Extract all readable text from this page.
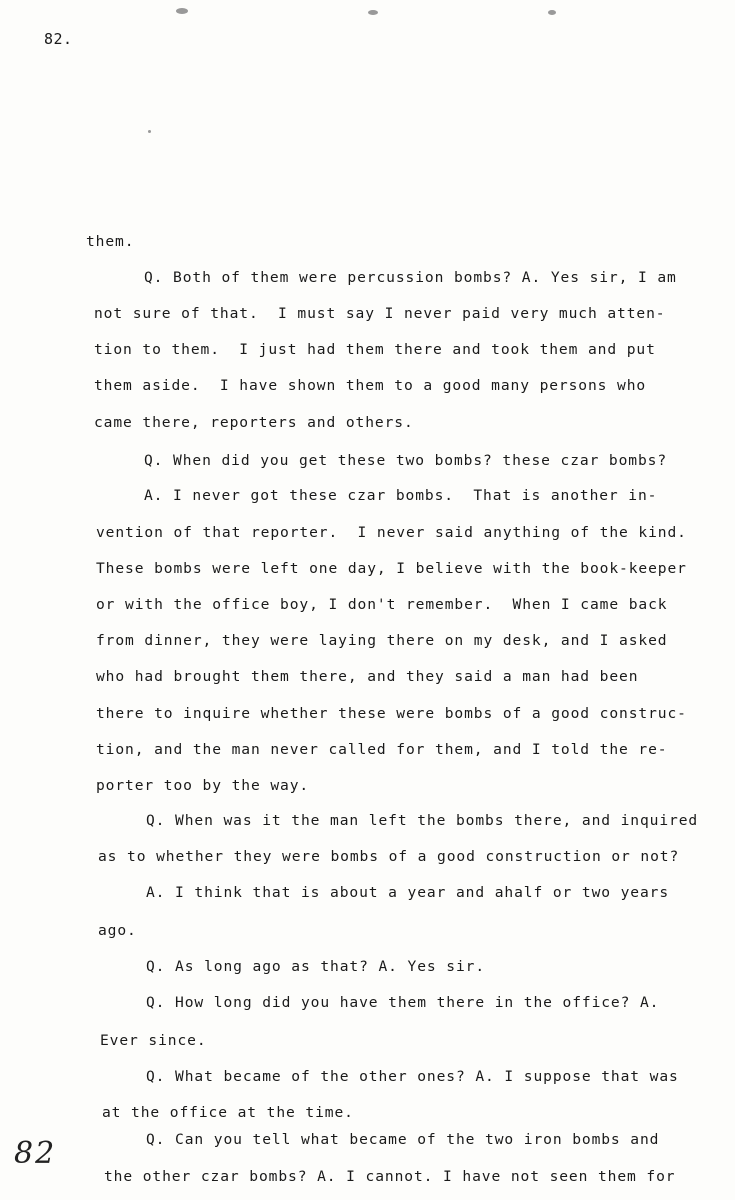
82.
them.
Q. Both of them were percussion bombs? A. Yes sir, I am
not sure of that.  I must say I never paid very much atten-
tion to them.  I just had them there and took them and put
them aside.  I have shown them to a good many persons who
came there, reporters and others.
Q. When did you get these two bombs? these czar bombs?
A. I never got these czar bombs.  That is another in-
vention of that reporter.  I never said anything of the kind.
These bombs were left one day, I believe with the book-keeper
or with the office boy, I don't remember.  When I came back
from dinner, they were laying there on my desk, and I asked
who had brought them there, and they said a man had been
there to inquire whether these were bombs of a good construc-
tion, and the man never called for them, and I told the re-
porter too by the way.
Q. When was it the man left the bombs there, and inquired
as to whether they were bombs of a good construction or not?
A. I think that is about a year and ahalf or two years
ago.
Q. As long ago as that? A. Yes sir.
Q. How long did you have them there in the office? A.
Ever since.
Q. What became of the other ones? A. I suppose that was
at the office at the time.
Q. Can you tell what became of the two iron bombs and
the other czar bombs? A. I cannot. I have not seen them for
82
